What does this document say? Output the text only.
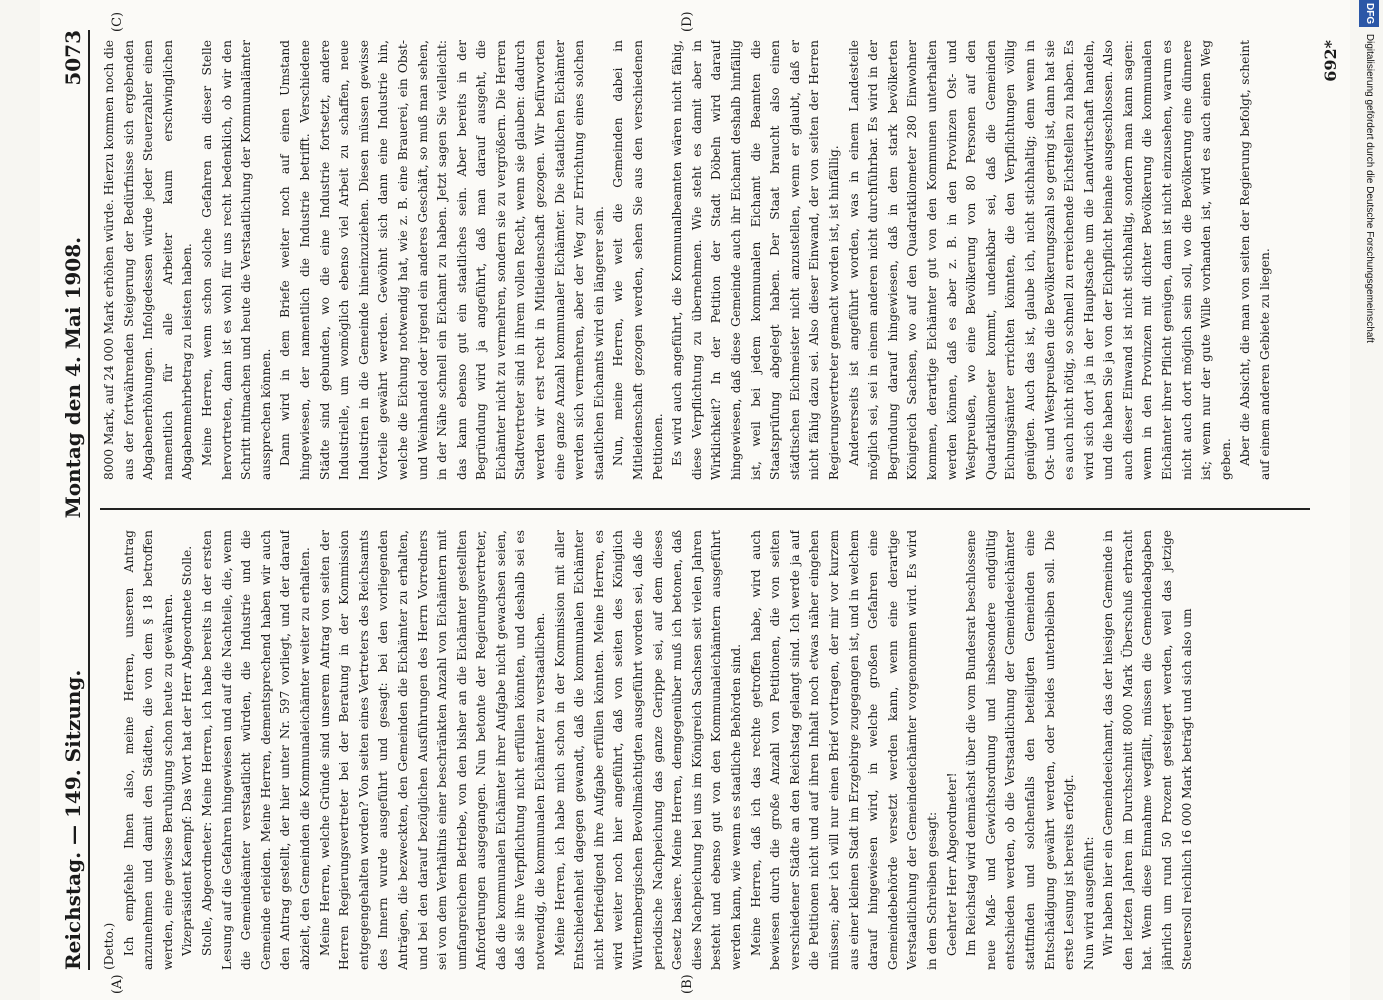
Reichstag. — 149. Sitzung.
Montag den 4. Mai 1908.
5073
(A)	(B)
(C)	(D)

(Detto.) Ich empfehle Ihnen also, meine Herren, unseren Antrag anzunehmen und damit den Städten, die von dem § 18 betroffen werden, eine gewisse Beruhigung schon heute zu gewähren. Vizepräsident Kaempf: Das Wort hat der Herr Abgeordnete Stolle. Stolle, Abgeordneter: Meine Herren, ich habe bereits in der ersten Lesung auf die Gefahren hingewiesen und auf die Nachteile, die, wenn die Gemeindeämter verstaatlicht würden, die Industrie und die Gemeinde erleiden. Meine Herren, dementsprechend haben wir auch den Antrag gestellt, der hier unter Nr. 597 vorliegt, und der darauf abzielt, den Gemeinden die Kommunaleichämter weiter zu erhalten. Meine Herren, welche Gründe sind unserem Antrag von seiten der Herren Regierungsvertreter bei der Beratung in der Kommission entgegengehalten worden? Von seiten eines Vertreters des Reichsamts des Innern wurde ausgeführt und gesagt: bei den vorliegenden Anträgen, die bezweckten, den Gemeinden die Eichämter zu erhalten, und bei den darauf bezüglichen Ausführungen des Herrn Vorredners sei von dem Verhältnis einer beschränkten Anzahl von Eichämtern mit umfangreichem Betriebe, von den bisher an die Eichämter gestellten Anforderungen ausgegangen. Nun betonte der Regierungsvertreter, daß die kommunalen Eichämter ihrer Aufgabe nicht gewachsen seien, daß sie ihre Verpflichtung nicht erfüllen könnten, und deshalb sei es notwendig, die kommunalen Eichämter zu verstaatlichen. Meine Herren, ich habe mich schon in der Kommission mit aller Entschiedenheit dagegen gewandt, daß die kommunalen Eichämter nicht befriedigend ihre Aufgabe erfüllen könnten. Meine Herren, es wird weiter noch hier angeführt, daß von seiten des Königlich Württembergischen Bevollmächtigten ausgeführt worden sei, daß die periodische Nachpeichung das ganze Gerippe sei, auf dem dieses Gesetz basiere. Meine Herren, demgegenüber muß ich betonen, daß diese Nachpeichung bei uns im Königreich Sachsen seit vielen Jahren besteht und ebenso gut von den Kommunaleichämtern ausgeführt werden kann, wie wenn es staatliche Behörden sind. Meine Herren, daß ich das rechte getroffen habe, wird auch bewiesen durch die große Anzahl von Petitionen, die von seiten verschiedener Städte an den Reichstag gelangt sind. Ich werde ja auf die Petitionen nicht und auf ihren Inhalt noch etwas näher eingehen müssen; aber ich will nur einen Brief vortragen, der mir vor kurzem aus einer kleinen Stadt im Erzgebirge zugegangen ist, und in welchem darauf hingewiesen wird, in welche großen Gefahren eine Gemeindebehörde versetzt werden kann, wenn eine derartige Verstaatlichung der Gemeindeeichämter vorgenommen wird. Es wird in dem Schreiben gesagt: Geehrter Herr Abgeordneter! Im Reichstag wird demnächst über die vom Bundesrat beschlossene neue Maß- und Gewichtsordnung und insbesondere endgültig entschieden werden, ob die Verstaatlichung der Gemeindeeichämter stattfinden und solchenfalls den beteiligten Gemeinden eine Entschädigung gewährt werden, oder beides unterbleiben soll. Die erste Lesung ist bereits erfolgt. Nun wird ausgeführt: Wir haben hier ein Gemeindeeichamt, das der hiesigen Gemeinde in den letzten Jahren im Durchschnitt 8000 Mark Überschuß erbracht hat. Wenn diese Einnahme wegfällt, müssen die Gemeindeabgaben jährlich um rund 50 Prozent gesteigert werden, weil das jetzige Steuersoll reichlich 16 000 Mark beträgt und sich also um

8000 Mark, auf 24 000 Mark erhöhen würde. Hierzu kommen noch die aus der fortwährenden Steigerung der Bedürfnisse sich ergebenden Abgabenerhöhungen. Infolgedessen würde jeder Steuerzahler einen namentlich für alle Arbeiter kaum erschwinglichen Abgabenmehrbetrag zu leisten haben. Meine Herren, wenn schon solche Gefahren an dieser Stelle hervortreten, dann ist es wohl für uns recht bedenklich, ob wir den Schritt mitmachen und heute die Verstaatlichung der Kommunalämter aussprechen können. Dann wird in dem Briefe weiter noch auf einen Umstand hingewiesen, der namentlich die Industrie betrifft. Verschiedene Städte sind gebunden, wo die eine Industrie fortsetzt, andere Industrielle, um womöglich ebenso viel Arbeit zu schaffen, neue Industrien in die Gemeinde hineinzuziehen. Diesen müssen gewisse Vorteile gewährt werden. Gewöhnt sich dann eine Industrie hin, welche die Eichung notwendig hat, wie z. B. eine Brauerei, ein Obst- und Weinhandel oder irgend ein anderes Geschäft, so muß man sehen, in der Nähe schnell ein Eichamt zu haben. Jetzt sagen Sie vielleicht: das kann ebenso gut ein staatliches sein. Aber bereits in der Begründung wird ja angeführt, daß man darauf ausgeht, die Eichämter nicht zu vermehren, sondern sie zu vergrößern. Die Herren Stadtvertreter sind in ihrem vollen Recht, wenn sie glauben: dadurch werden wir erst recht in Mitleidenschaft gezogen. Wir befürworten eine ganze Anzahl kommunaler Eichämter. Die staatlichen Eichämter werden sich vermehren, aber der Weg zur Errichtung eines solchen staatlichen Eichamts wird ein längerer sein. Nun, meine Herren, wie weit die Gemeinden dabei in Mitleidenschaft gezogen werden, sehen Sie aus den verschiedenen Petitionen. Es wird auch angeführt, die Kommunalbeamten wären nicht fähig, diese Verpflichtung zu übernehmen. Wie steht es damit aber in Wirklichkeit? In der Petition der Stadt Döbeln wird darauf hingewiesen, daß diese Gemeinde auch ihr Eichamt deshalb hinfällig ist, weil bei jedem kommunalen Eichamt die Beamten die Staatsprüfung abgelegt haben. Der Staat braucht also einen städtischen Eichmeister nicht anzustellen, wenn er glaubt, daß er nicht fähig dazu sei. Also dieser Einwand, der von seiten der Herren Regierungsvertreter gemacht worden ist, ist hinfällig. Andererseits ist angeführt worden, was in einem Landesteile möglich sei, sei in einem anderen nicht durchführbar. Es wird in der Begründung darauf hingewiesen, daß in dem stark bevölkerten Königreich Sachsen, wo auf den Quadratkilometer 280 Einwohner kommen, derartige Eichämter gut von den Kommunen unterhalten werden können, daß es aber z. B. in den Provinzen Ost- und Westpreußen, wo eine Bevölkerung von 80 Personen auf den Quadratkilometer kommt, undenkbar sei, daß die Gemeinden Eichungsämter errichten könnten, die den Verpflichtungen völlig genügten. Auch das ist, glaube ich, nicht stichhaltig; denn wenn in Ost- und Westpreußen die Bevölkerungszahl so gering ist, dann hat sie es auch nicht nötig, so schnell zu erreichende Eichstellen zu haben. Es wird sich dort ja in der Hauptsache um die Landwirtschaft handeln, und die haben Sie ja von der Eichpflicht beinahe ausgeschlossen. Also auch dieser Einwand ist nicht stichhaltig, sondern man kann sagen: wenn in den Provinzen mit dichter Bevölkerung die kommunalen Eichämter ihrer Pflicht genügen, dann ist nicht einzusehen, warum es nicht auch dort möglich sein soll, wo die Bevölkerung eine dünnere ist; wenn nur der gute Wille vorhanden ist, wird es auch einen Weg geben. Aber die Absicht, die man von seiten der Regierung befolgt, scheint auf einem anderen Gebiete zu liegen.

692*
DFG Digitalisierung gefördert durch die Deutsche Forschungsgemeinschaft
